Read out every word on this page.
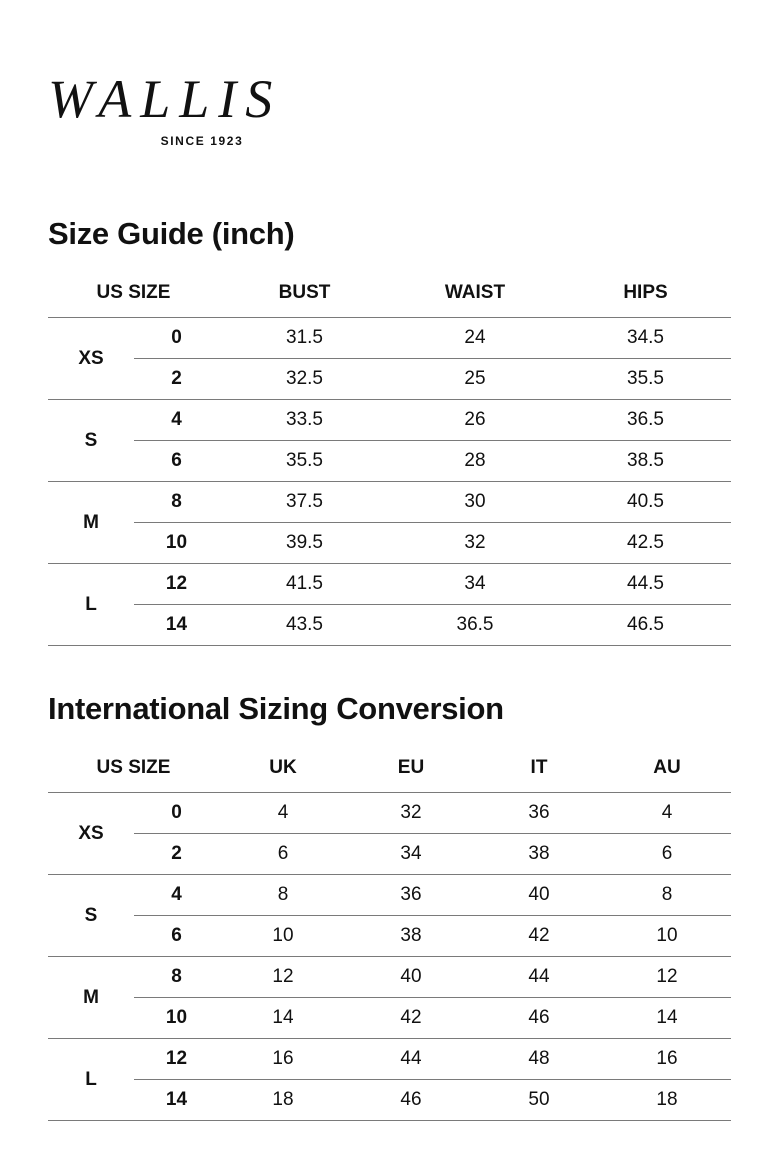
WALLIS
SINCE 1923
Size Guide (inch)
US SIZE		BUST	WAIST	HIPS
XS	0	31.5	24	34.5
	2	32.5	25	35.5
S	4	33.5	26	36.5
	6	35.5	28	38.5
M	8	37.5	30	40.5
	10	39.5	32	42.5
L	12	41.5	34	44.5
	14	43.5	36.5	46.5
International Sizing Conversion
US SIZE		UK	EU	IT	AU
XS	0	4	32	36	4
	2	6	34	38	6
S	4	8	36	40	8
	6	10	38	42	10
M	8	12	40	44	12
	10	14	42	46	14
L	12	16	44	48	16
	14	18	46	50	18
